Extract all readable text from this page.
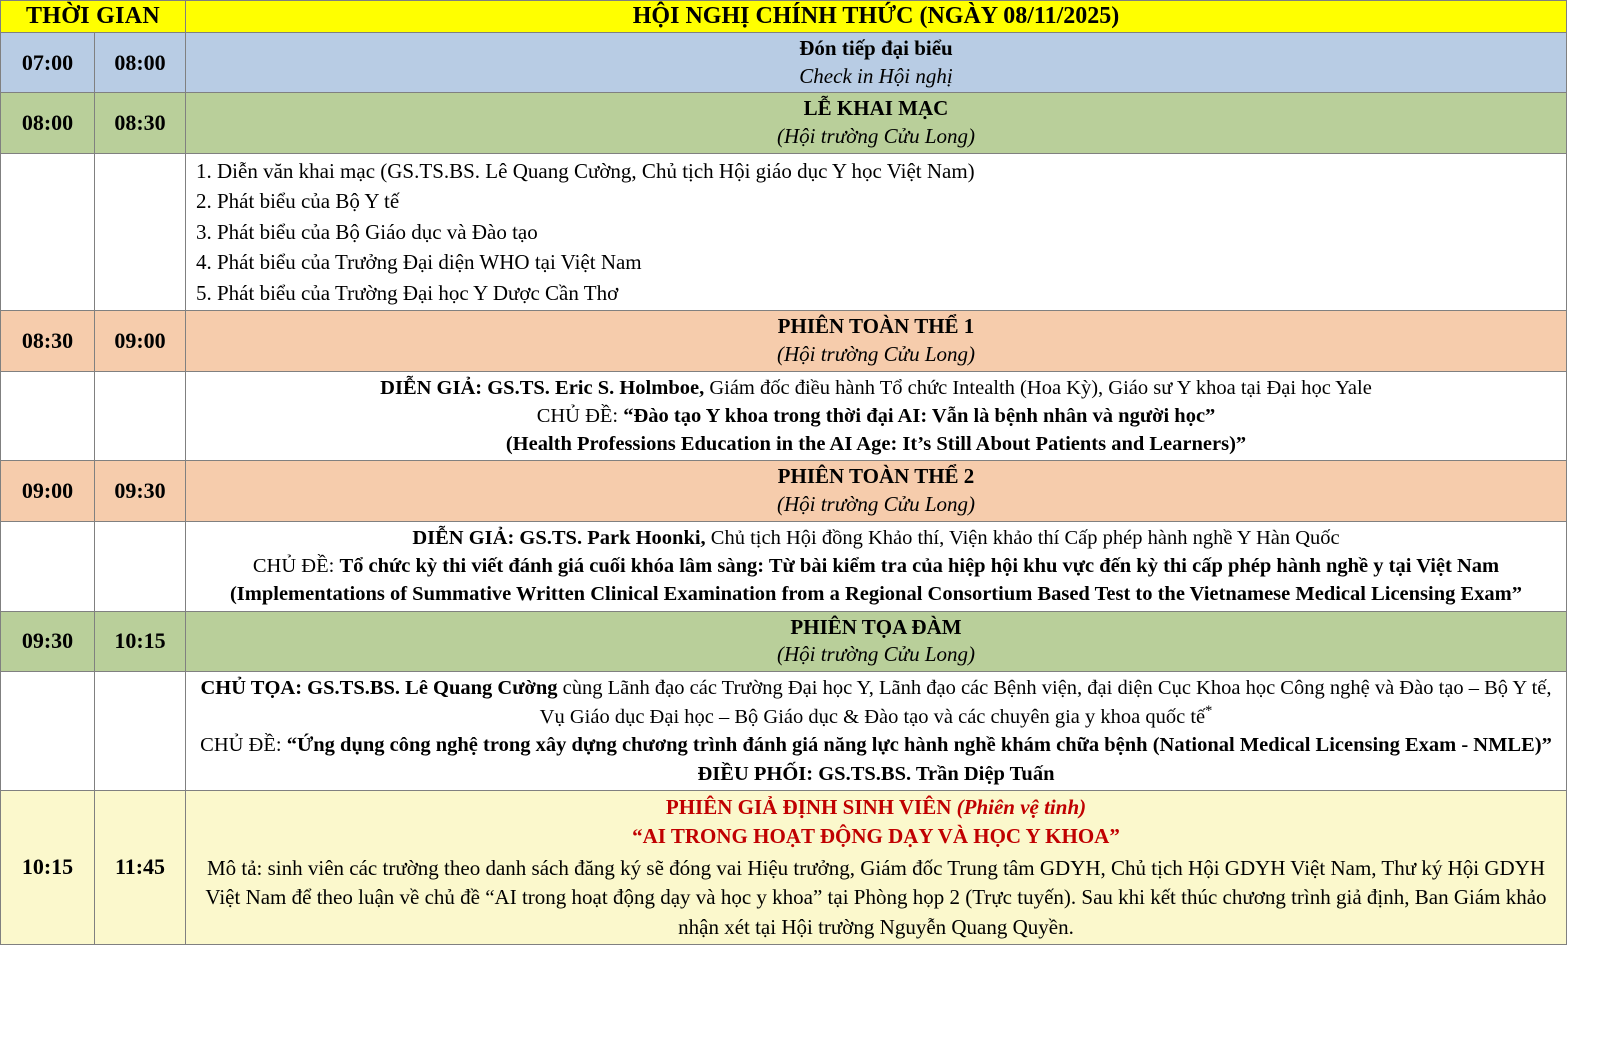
THỜI GIAN		HỘI NGHỊ CHÍNH THỨC (NGÀY 08/11/2025)
07:00	08:00	Đón tiếp đại biểu
Check in Hội nghị

08:00	08:30	LỄ KHAI MẠC
(Hội trường Cửu Long)

		1. Diễn văn khai mạc (GS.TS.BS. Lê Quang Cường, Chủ tịch Hội giáo dục Y học Việt Nam)
2. Phát biểu của Bộ Y tế
3. Phát biểu của Bộ Giáo dục và Đào tạo
4. Phát biểu của Trưởng Đại diện WHO tại Việt Nam
5. Phát biểu của Trường Đại học Y Dược Cần Thơ

08:30	09:00	PHIÊN TOÀN THỂ 1
(Hội trường Cửu Long)

		DIỄN GIẢ: GS.TS. Eric S. Holmboe, Giám đốc điều hành Tổ chức Intealth (Hoa Kỳ), Giáo sư Y khoa tại Đại học Yale
CHỦ ĐỀ: “Đào tạo Y khoa trong thời đại AI: Vẫn là bệnh nhân và người học”
(Health Professions Education in the AI Age: It’s Still About Patients and Learners)”

09:00	09:30	PHIÊN TOÀN THỂ 2
(Hội trường Cửu Long)

		DIỄN GIẢ: GS.TS. Park Hoonki, Chủ tịch Hội đồng Khảo thí, Viện khảo thí Cấp phép hành nghề Y Hàn Quốc
CHỦ ĐỀ: Tổ chức kỳ thi viết đánh giá cuối khóa lâm sàng: Từ bài kiểm tra của hiệp hội khu vực đến kỳ thi cấp phép hành nghề y tại Việt Nam
(Implementations of Summative Written Clinical Examination from a Regional Consortium Based Test to the Vietnamese Medical Licensing Exam”

09:30	10:15	PHIÊN TỌA ĐÀM
(Hội trường Cửu Long)

		CHỦ TỌA: GS.TS.BS. Lê Quang Cường cùng Lãnh đạo các Trường Đại học Y, Lãnh đạo các Bệnh viện, đại diện Cục Khoa học Công nghệ và Đào tạo – Bộ Y tế, Vụ Giáo dục Đại học – Bộ Giáo dục & Đào tạo và các chuyên gia y khoa quốc tế*
CHỦ ĐỀ: “Ứng dụng công nghệ trong xây dựng chương trình đánh giá năng lực hành nghề khám chữa bệnh (National Medical Licensing Exam - NMLE)”
ĐIỀU PHỐI: GS.TS.BS. Trần Diệp Tuấn

10:15	11:45	PHIÊN GIẢ ĐỊNH SINH VIÊN (Phiên vệ tinh)
“AI TRONG HOẠT ĐỘNG DẠY VÀ HỌC Y KHOA”
Mô tả: sinh viên các trường theo danh sách đăng ký sẽ đóng vai Hiệu trưởng, Giám đốc Trung tâm GDYH, Chủ tịch Hội GDYH Việt Nam, Thư ký Hội GDYH Việt Nam để theo luận về chủ đề “AI trong hoạt động dạy và học y khoa” tại Phòng họp 2 (Trực tuyến). Sau khi kết thúc chương trình giả định, Ban Giám khảo nhận xét tại Hội trường Nguyễn Quang Quyền.
